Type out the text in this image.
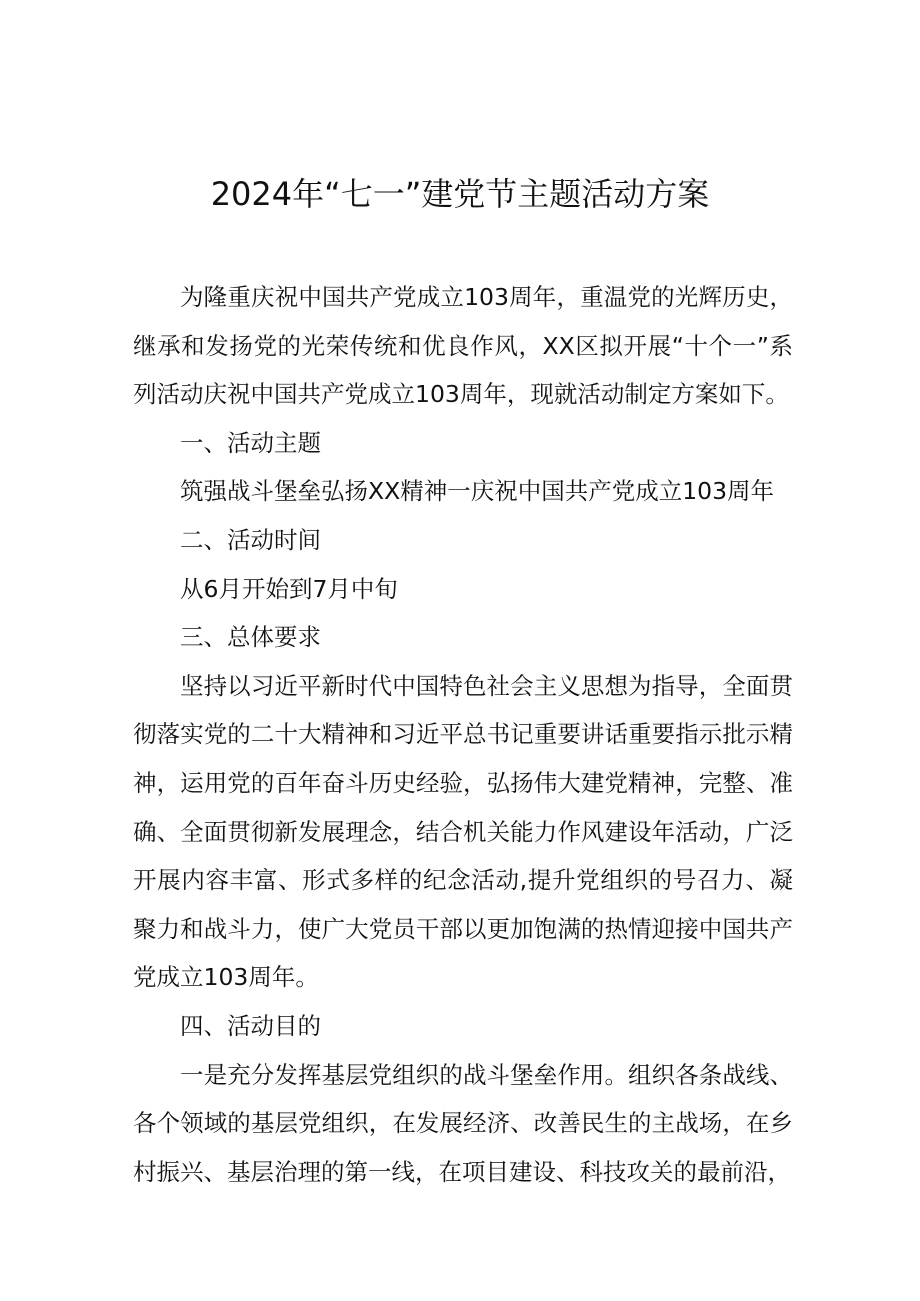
2024年“七一”建党节主题活动方案

为隆重庆祝中国共产党成立103周年，重温党的光辉历史，继承和发扬党的光荣传统和优良作风，XX区拟开展“十个一”系列活动庆祝中国共产党成立103周年，现就活动制定方案如下。

一、活动主题

筑强战斗堡垒弘扬XX精神一庆祝中国共产党成立103周年

二、活动时间

从6月开始到7月中旬

三、总体要求

坚持以习近平新时代中国特色社会主义思想为指导，全面贯彻落实党的二十大精神和习近平总书记重要讲话重要指示批示精神，运用党的百年奋斗历史经验，弘扬伟大建党精神，完整、准确、全面贯彻新发展理念，结合机关能力作风建设年活动，广泛开展内容丰富、形式多样的纪念活动,提升党组织的号召力、凝聚力和战斗力，使广大党员干部以更加饱满的热情迎接中国共产党成立103周年。

四、活动目的

一是充分发挥基层党组织的战斗堡垒作用。组织各条战线、各个领域的基层党组织，在发展经济、改善民生的主战场，在乡村振兴、基层治理的第一线，在项目建设、科技攻关的最前沿，
